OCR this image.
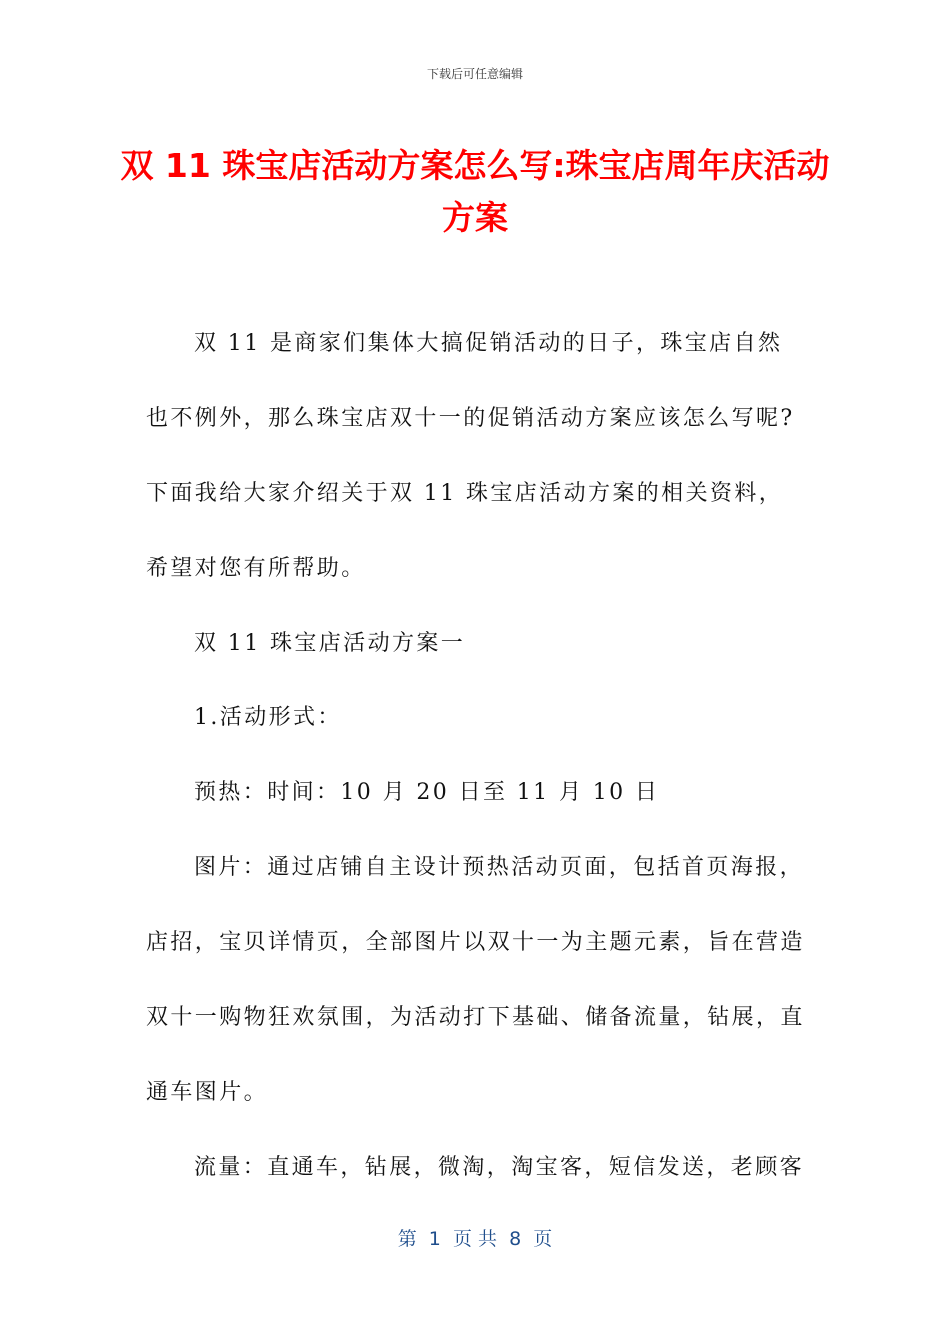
下载后可任意编辑
双 11 珠宝店活动方案怎么写:珠宝店周年庆活动方案

双 11 是商家们集体大搞促销活动的日子，珠宝店自然也不例外，那么珠宝店双十一的促销活动方案应该怎么写呢?下面我给大家介绍关于双 11 珠宝店活动方案的相关资料，希望对您有所帮助。

双 11 珠宝店活动方案一

1.活动形式：

预热：时间：10 月 20 日至 11 月 10 日

图片：通过店铺自主设计预热活动页面，包括首页海报，店招，宝贝详情页，全部图片以双十一为主题元素，旨在营造双十一购物狂欢氛围，为活动打下基础、储备流量，钻展，直通车图片。

流量：直通车，钻展，微淘，淘宝客，短信发送，老顾客

第  1  页 共  8  页
